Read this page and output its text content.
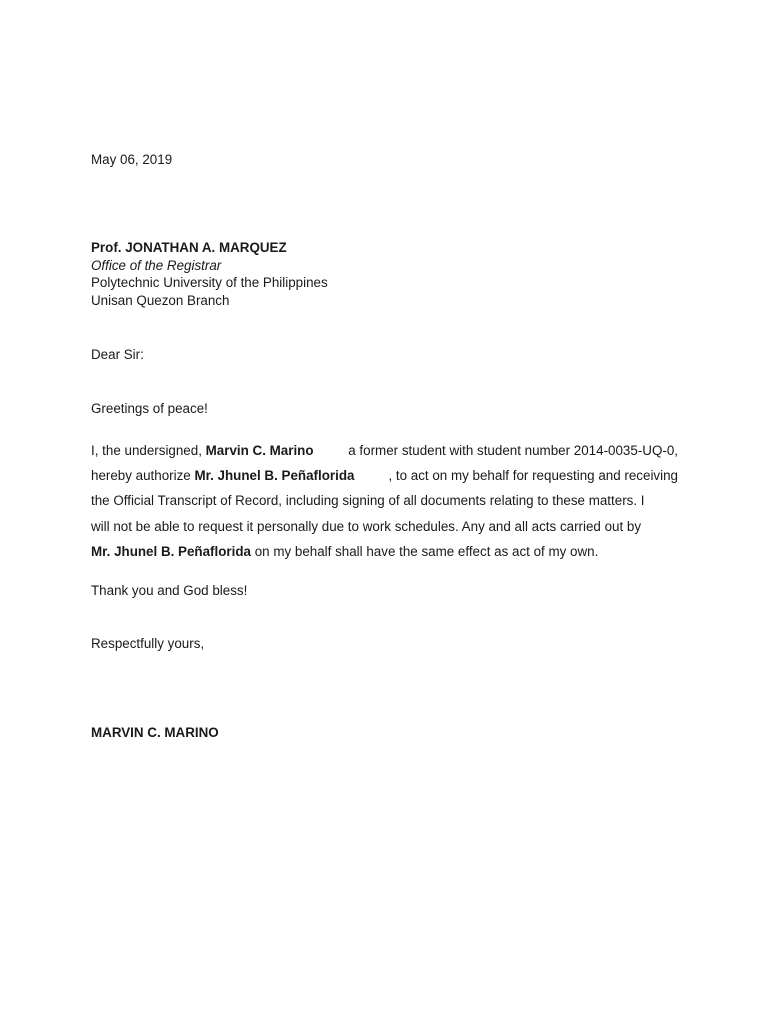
May 06, 2019
Prof. JONATHAN A. MARQUEZ
Office of the Registrar
Polytechnic University of the Philippines
Unisan Quezon Branch
Dear Sir:
Greetings of peace!
I, the undersigned, Marvin C. Marino a former student with student number 2014-0035-UQ-0,
hereby authorize Mr. Jhunel B. Peñaflorida	, to act on my behalf for requesting and receiving
the Official Transcript of Record, including signing of all documents relating to these matters. I
will not be able to request it personally due to work schedules. Any and all acts carried out by
Mr. Jhunel B. Peñaflorida on my behalf shall have the same effect as act of my own.
Thank you and God bless!
Respectfully yours,
MARVIN C. MARINO
